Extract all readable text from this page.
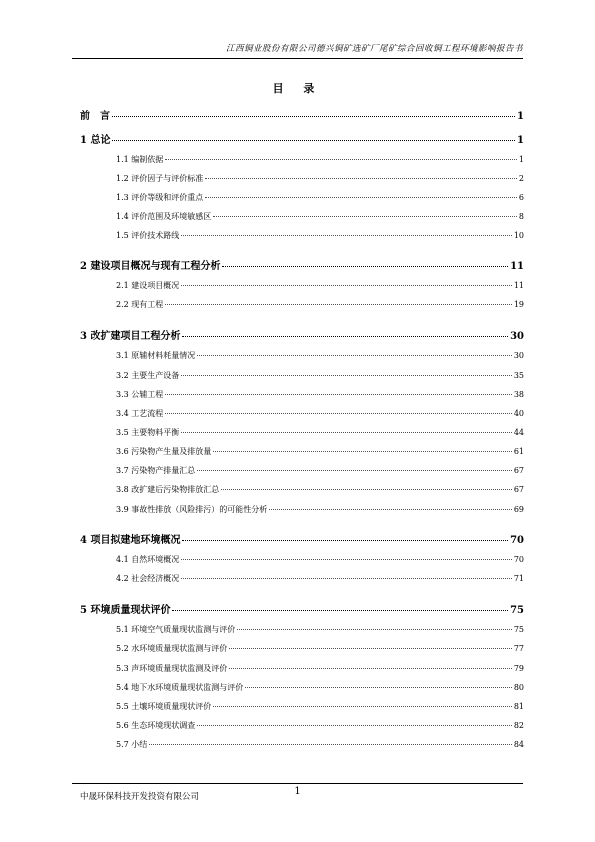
江西铜业股份有限公司德兴铜矿选矿厂尾矿综合回收铜工程环境影响报告书
目 录
前　言	1
1 总论	1
1.1 编制依据	1
1.2 评价因子与评价标准	2
1.3 评价等级和评价重点	6
1.4 评价范围及环境敏感区	8
1.5 评价技术路线	10
2 建设项目概况与现有工程分析	11
2.1 建设项目概况	11
2.2 现有工程	19
3 改扩建项目工程分析	30
3.1 原辅材料耗量情况	30
3.2 主要生产设备	35
3.3 公辅工程	38
3.4 工艺流程	40
3.5 主要物料平衡	44
3.6 污染物产生量及排放量	61
3.7 污染物产排量汇总	67
3.8 改扩建后污染物排放汇总	67
3.9 事故性排放（风险排污）的可能性分析	69
4 项目拟建地环境概况	70
4.1 自然环境概况	70
4.2 社会经济概况	71
5 环境质量现状评价	75
5.1 环境空气质量现状监测与评价	75
5.2 水环境质量现状监测与评价	77
5.3 声环境质量现状监测及评价	79
5.4 地下水环境质量现状监测与评价	80
5.5 土壤环境质量现状评价	81
5.6 生态环境现状调查	82
5.7 小结	84
中晟环保科技开发投资有限公司	1
